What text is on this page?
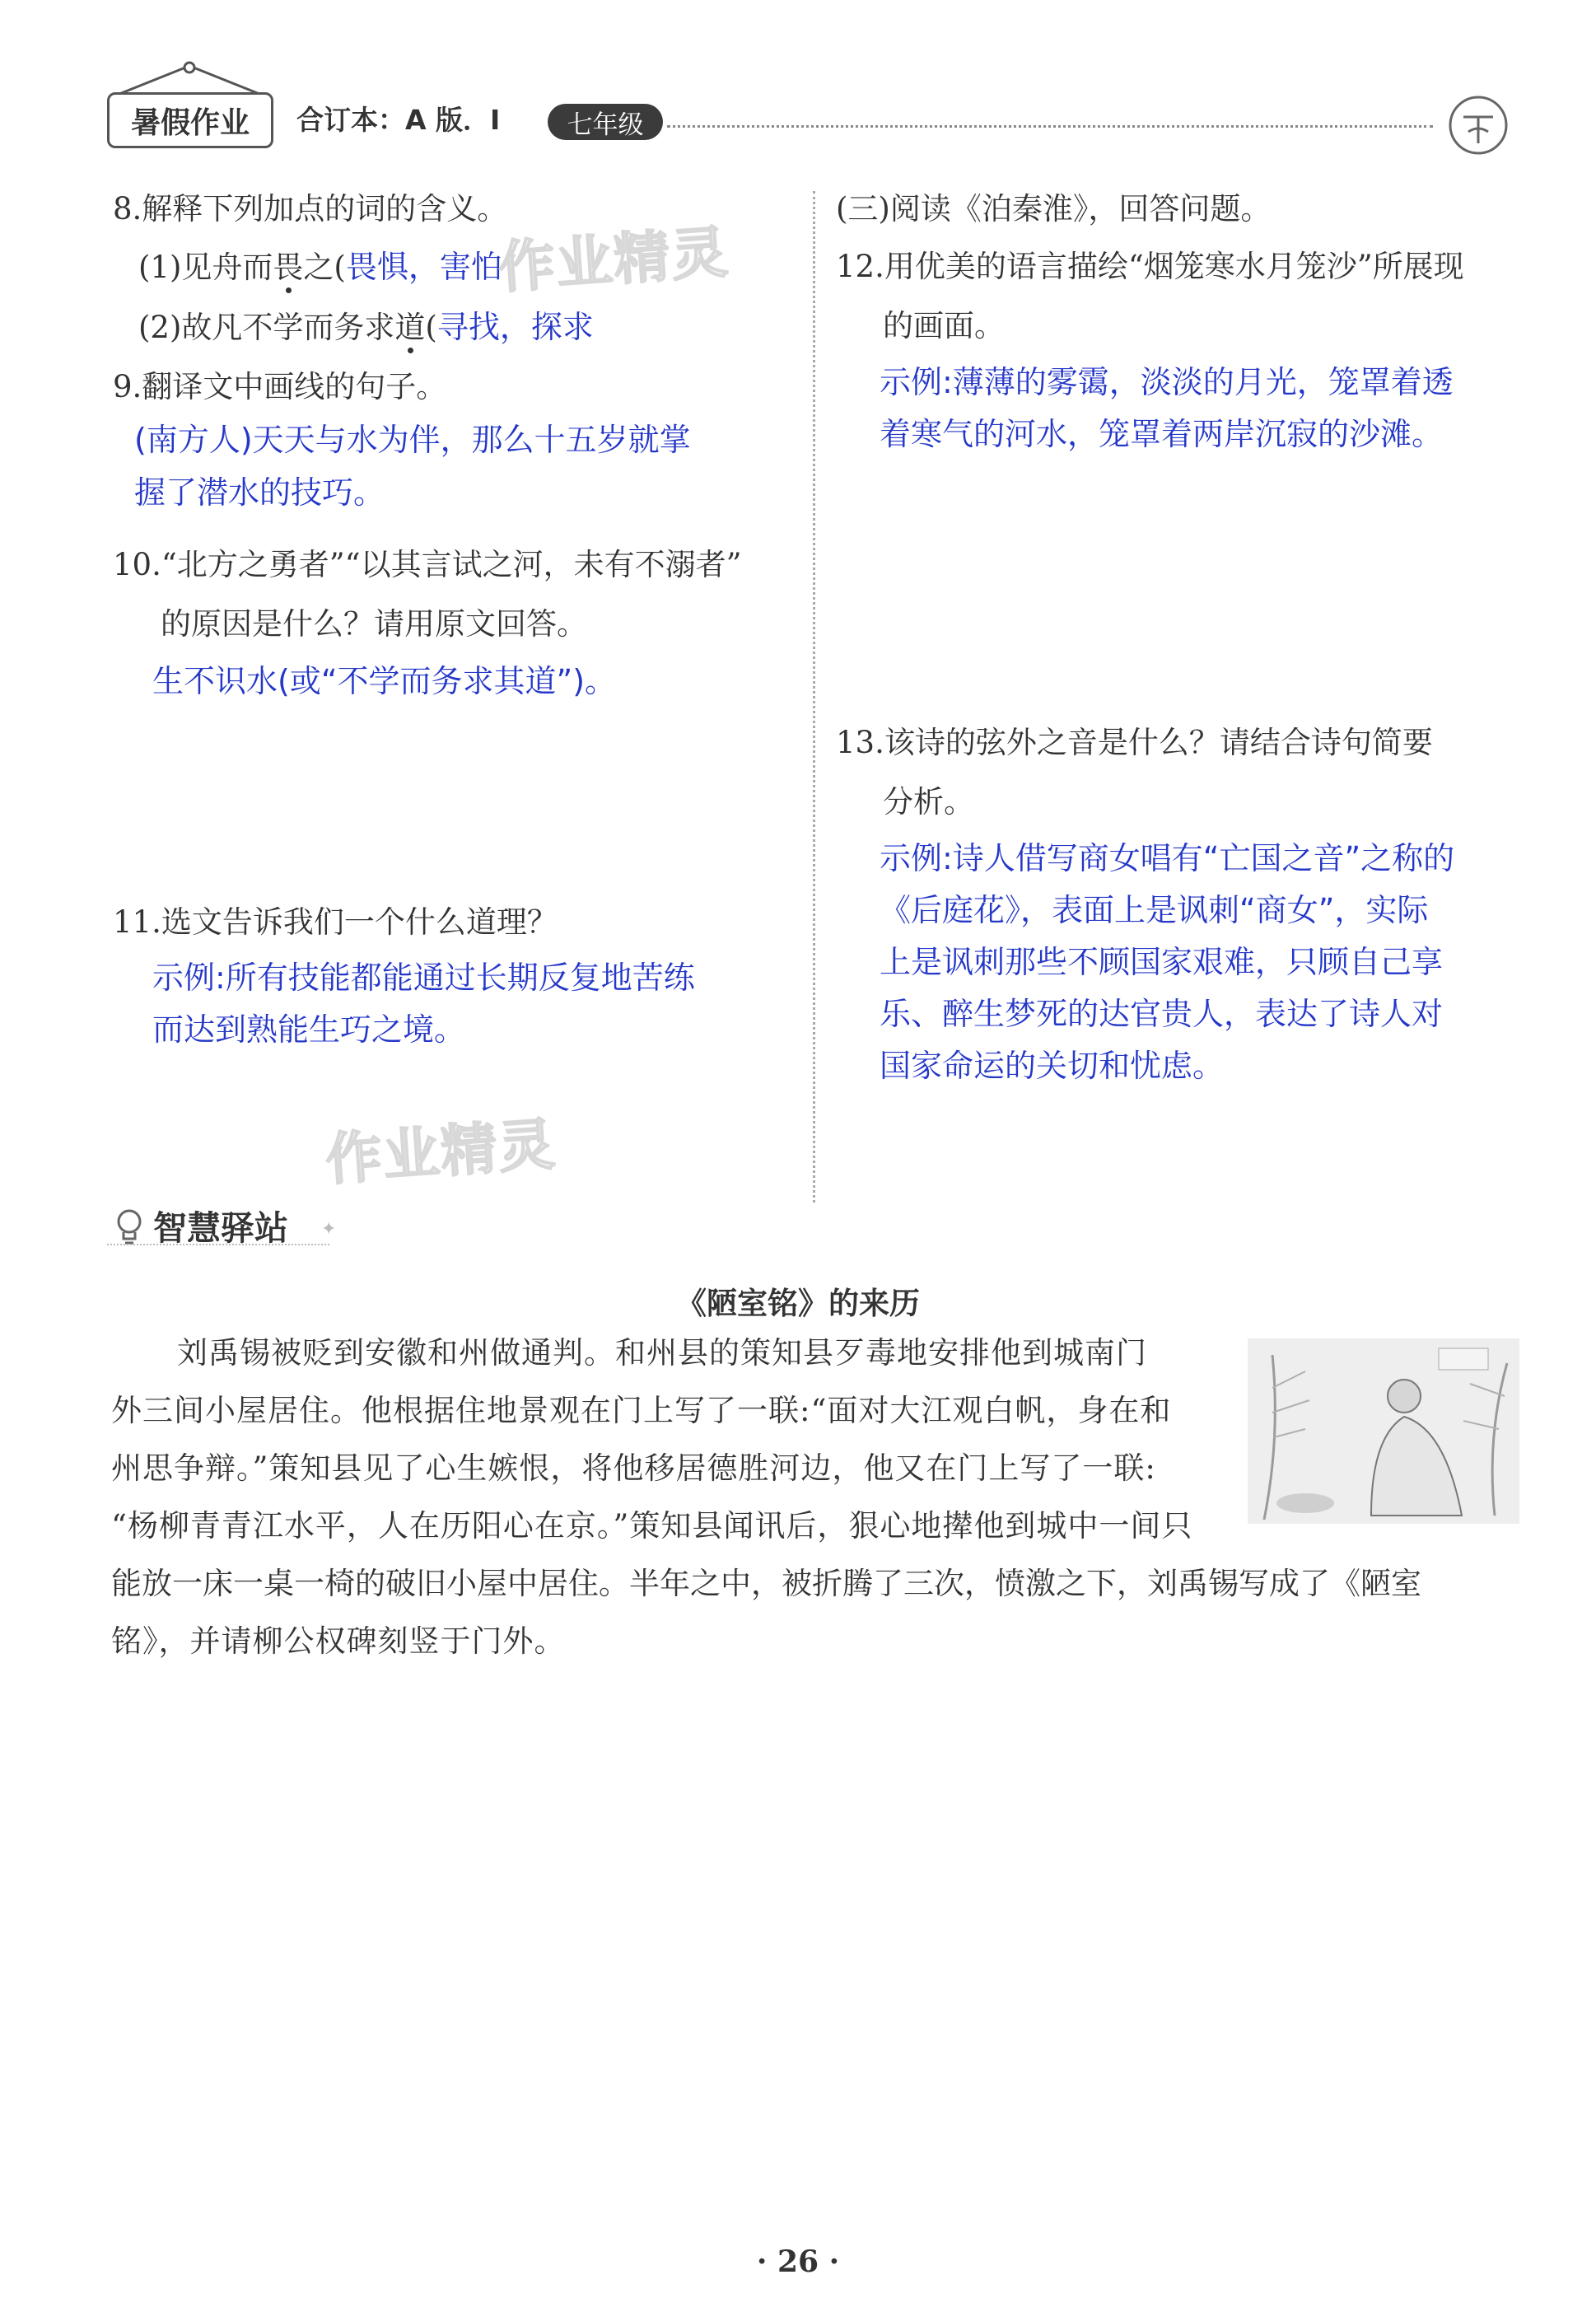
暑假作业	合订本：A 版．I	七年级
8.解释下列加点的词的含义。
(1)见舟而畏之(畏惧，害怕
(2)故凡不学而务求道(寻找，探求
9.翻译文中画线的句子。
(南方人)天天与水为伴，那么十五岁就掌
握了潜水的技巧。
10.“北方之勇者”“以其言试之河，未有不溺者”
的原因是什么？请用原文回答。
生不识水(或“不学而务求其道”)。
11.选文告诉我们一个什么道理？
示例:所有技能都能通过长期反复地苦练
而达到熟能生巧之境。
(三)阅读《泊秦淮》，回答问题。
12.用优美的语言描绘“烟笼寒水月笼沙”所展现
的画面。
示例:薄薄的雾霭，淡淡的月光，笼罩着透
着寒气的河水，笼罩着两岸沉寂的沙滩。
13.该诗的弦外之音是什么？请结合诗句简要
分析。
示例:诗人借写商女唱有“亡国之音”之称的
《后庭花》，表面上是讽刺“商女”，实际
上是讽刺那些不顾国家艰难，只顾自己享
乐、醉生梦死的达官贵人，表达了诗人对
国家命运的关切和忧虑。
作业精灵
作业精灵
智慧驿站 ✦
《陋室铭》的来历
刘禹锡被贬到安徽和州做通判。和州县的策知县歹毒地安排他到城南门
外三间小屋居住。他根据住地景观在门上写了一联:“面对大江观白帆，身在和
州思争辩。”策知县见了心生嫉恨，将他移居德胜河边，他又在门上写了一联:
“杨柳青青江水平，人在历阳心在京。”策知县闻讯后，狠心地撵他到城中一间只
能放一床一桌一椅的破旧小屋中居住。半年之中，被折腾了三次，愤激之下，刘禹锡写成了《陋室
铭》，并请柳公权碑刻竖于门外。
· 26 ·
